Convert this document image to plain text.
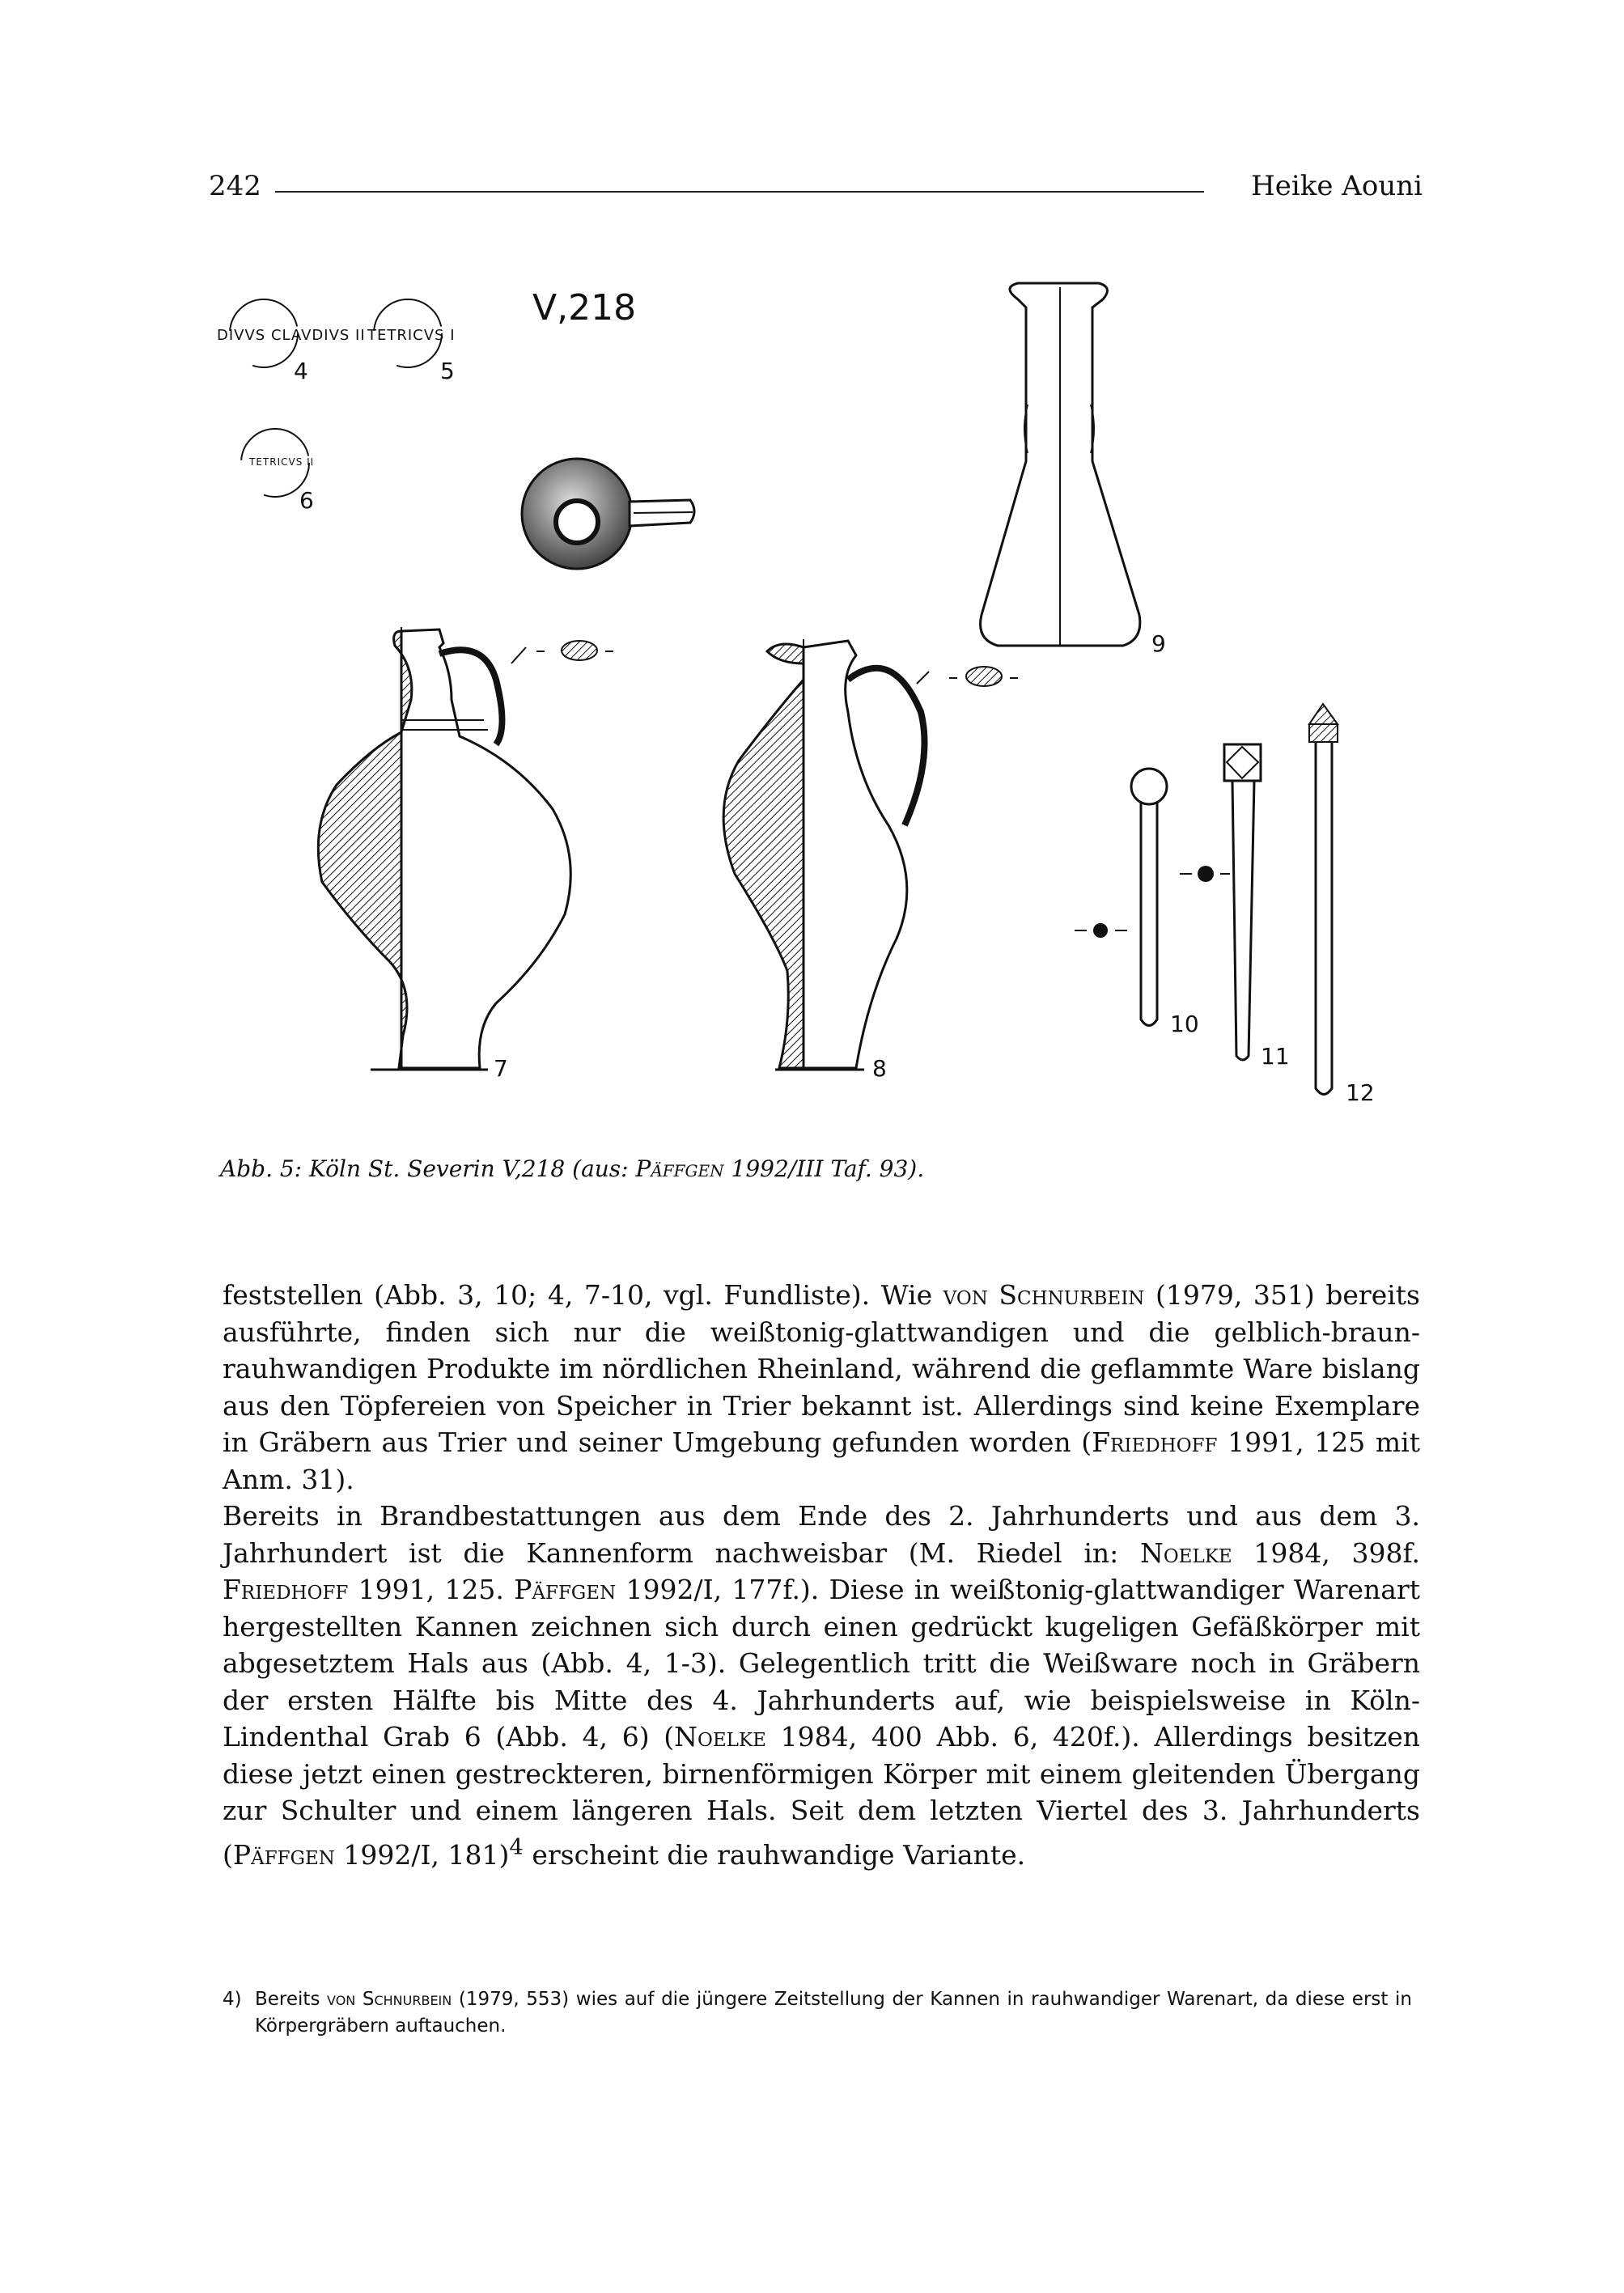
242	Heike Aouni
DIVVS CLAVDIVS II
4
TETRICVS I
5
TETRICVS II
6
V,218
9
7	8
10
11
12
Abb. 5: Köln St. Severin V,218 (aus: Päffgen 1992/III Taf. 93).

feststellen (Abb. 3, 10; 4, 7-10, vgl. Fundliste). Wie von Schnurbein (1979, 351) bereits ausführte, finden sich nur die weißtonig-glattwandigen und die gelblich-braun-rauhwandigen Produkte im nördlichen Rheinland, während die geflammte Ware bislang aus den Töpfereien von Speicher in Trier bekannt ist. Allerdings sind keine Exemplare in Gräbern aus Trier und seiner Umgebung gefunden worden (Friedhoff 1991, 125 mit Anm. 31).

Bereits in Brandbestattungen aus dem Ende des 2. Jahrhunderts und aus dem 3. Jahrhundert ist die Kannenform nachweisbar (M. Riedel in: Noelke 1984, 398f. Friedhoff 1991, 125. Päffgen 1992/I, 177f.). Diese in weißtonig-glattwandiger Warenart hergestellten Kannen zeichnen sich durch einen gedrückt kugeligen Gefäßkörper mit abgesetztem Hals aus (Abb. 4, 1-3). Gelegentlich tritt die Weißware noch in Gräbern der ersten Hälfte bis Mitte des 4. Jahrhunderts auf, wie beispielsweise in Köln-Lindenthal Grab 6 (Abb. 4, 6) (Noelke 1984, 400 Abb. 6, 420f.). Allerdings besitzen diese jetzt einen gestreckteren, birnenförmigen Körper mit einem gleitenden Übergang zur Schulter und einem längeren Hals. Seit dem letzten Viertel des 3. Jahrhunderts (Päffgen 1992/I, 181)$^4$ erscheint die rauhwandige Variante.

4) Bereits von Schnurbein (1979, 553) wies auf die jüngere Zeitstellung der Kannen in rauhwandiger Warenart, da diese erst in Körpergräbern auftauchen.
